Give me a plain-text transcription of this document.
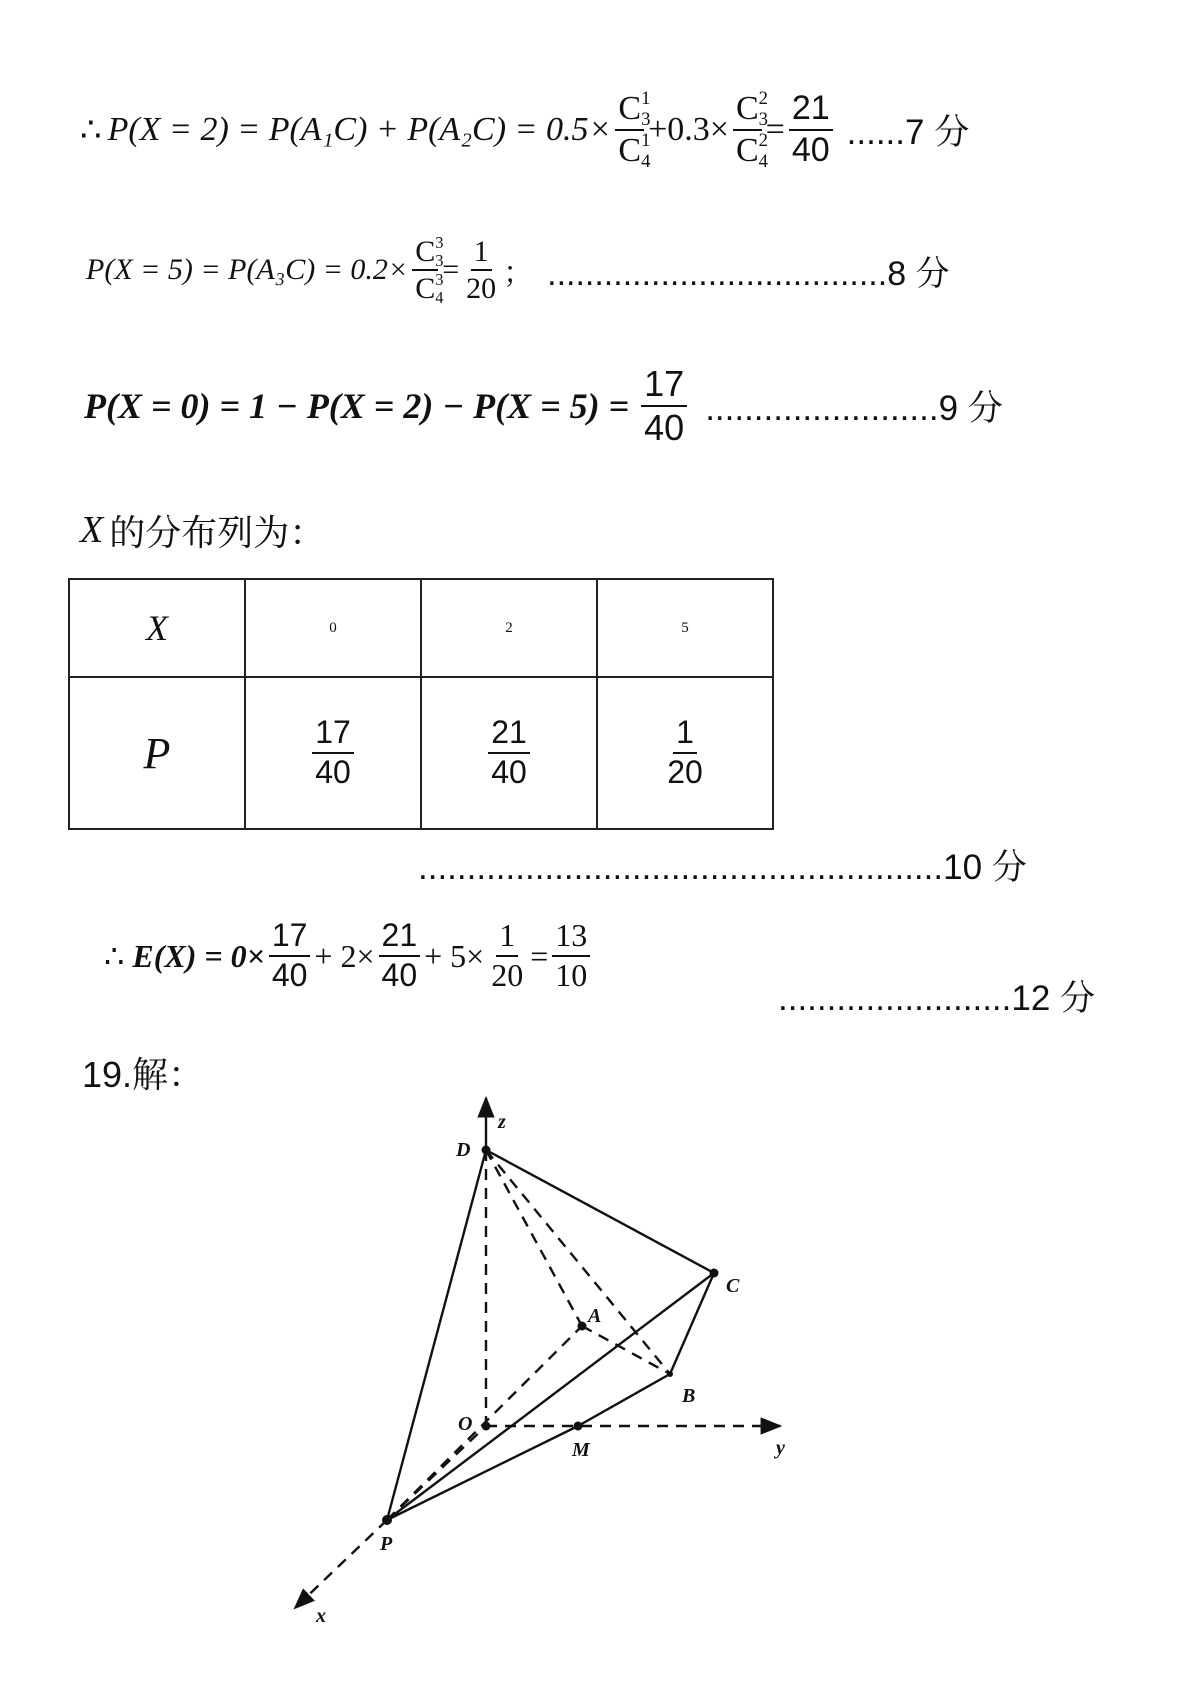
∴ P(X = 2) = P(A₁C) + P(A₂C) = 0.5× C 1
3
C 1
4 +0.3× C 2
3
C 2
$4 = \frac{21}{40} ......7$ 分
P(X = 5) = P(A₃C) = 0.2× C 3
3
C 3
$4 = \frac{1}{20}$ ； ....................................8 分
$P(X = 0) = 1 - P(X = 2) - P(X = 5) = \frac{17}{40} ........................9$ 分
X 的分布列为：
X	0	2	5
P	$\frac{17}{40}$	$\frac{21}{40}$	$\frac{1}{20}$
......................................................10 分
∴ $E(X) = 0\times \frac{17}{40} + 2\times \frac{21}{40} + 5\times \frac{1}{20} = \frac{13}{10}$
........................12 分
19.解：
D
z
C
A
B
O
M	y
P
x
